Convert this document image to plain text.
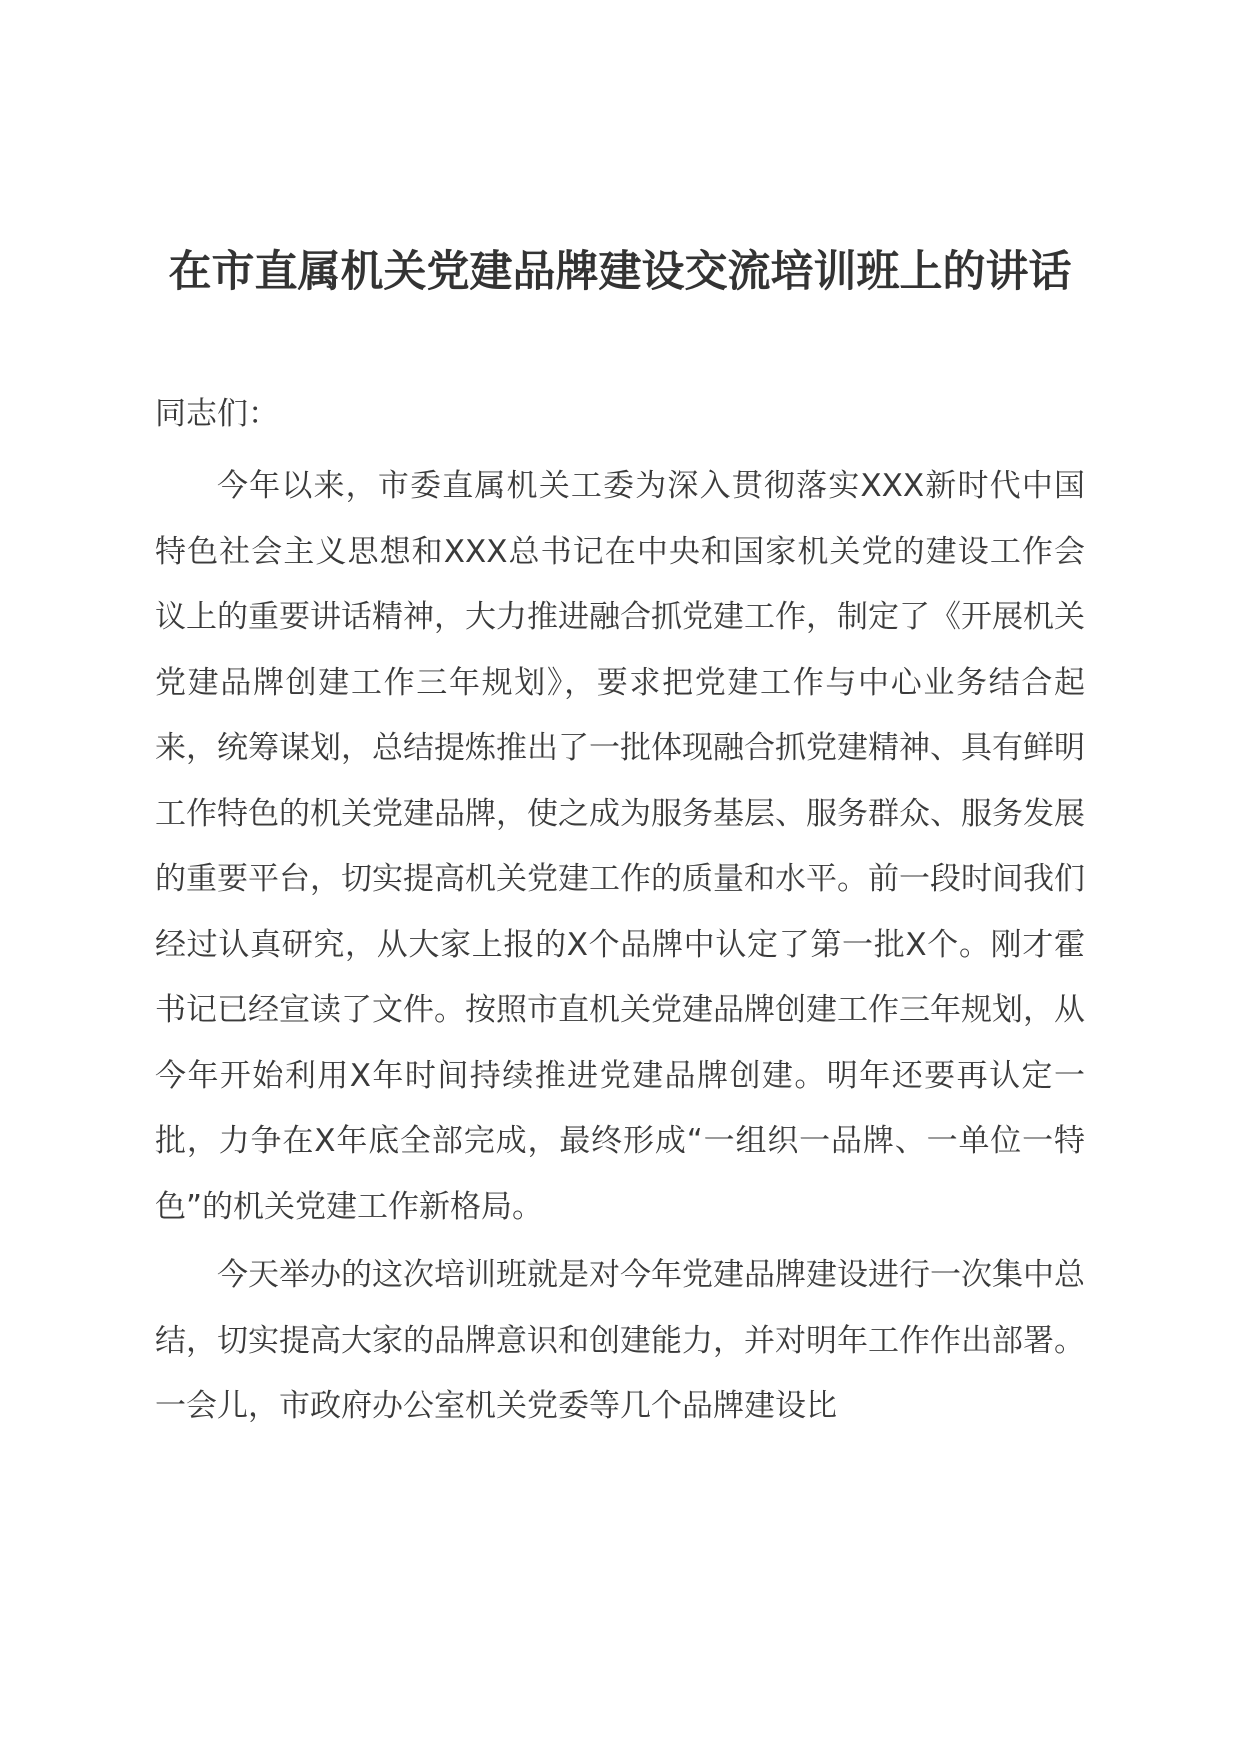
在市直属机关党建品牌建设交流培训班上的讲话

同志们：

今年以来，市委直属机关工委为深入贯彻落实XXX新时代中国特色社会主义思想和XXX总书记在中央和国家机关党的建设工作会议上的重要讲话精神，大力推进融合抓党建工作，制定了《开展机关党建品牌创建工作三年规划》，要求把党建工作与中心业务结合起来，统筹谋划，总结提炼推出了一批体现融合抓党建精神、具有鲜明工作特色的机关党建品牌，使之成为服务基层、服务群众、服务发展的重要平台，切实提高机关党建工作的质量和水平。前一段时间我们经过认真研究，从大家上报的X个品牌中认定了第一批X个。刚才霍书记已经宣读了文件。按照市直机关党建品牌创建工作三年规划，从今年开始利用X年时间持续推进党建品牌创建。明年还要再认定一批，力争在X年底全部完成，最终形成“一组织一品牌、一单位一特色”的机关党建工作新格局。

今天举办的这次培训班就是对今年党建品牌建设进行一次集中总结，切实提高大家的品牌意识和创建能力，并对明年工作作出部署。一会儿，市政府办公室机关党委等几个品牌建设比
